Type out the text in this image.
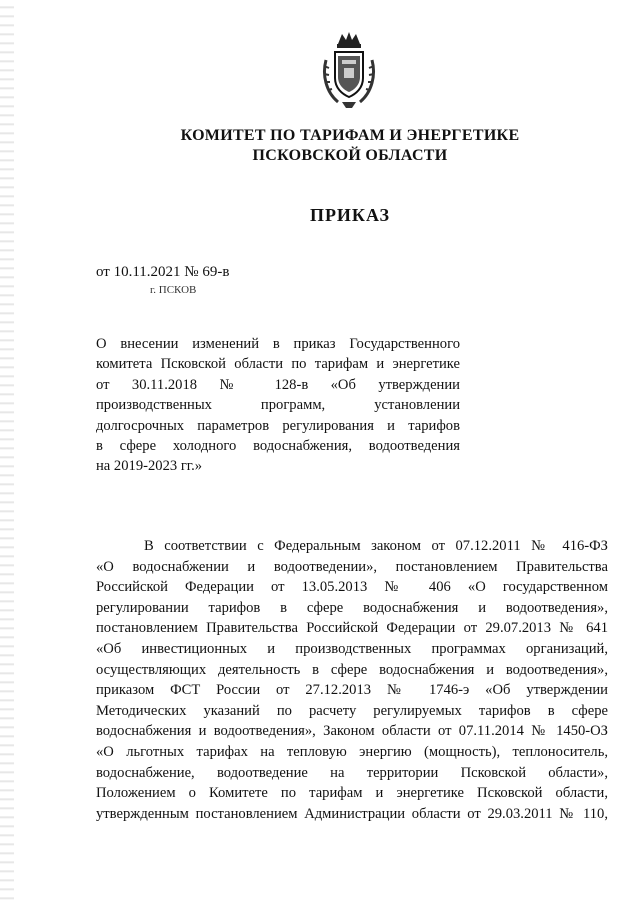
КОМИТЕТ ПО ТАРИФАМ И ЭНЕРГЕТИКЕ
ПСКОВСКОЙ ОБЛАСТИ
ПРИКАЗ
от 10.11.2021 № 69-в
г. ПСКОВ
О внесении изменений в приказ Государственного
комитета Псковской области по тарифам и энергетике
от 30.11.2018 № 128-в «Об утверждении
производственных программ, установлении
долгосрочных параметров регулирования и тарифов
в сфере холодного водоснабжения, водоотведения
на 2019-2023 гг.»
В соответствии с Федеральным законом от 07.12.2011 № 416-ФЗ
«О водоснабжении и водоотведении», постановлением Правительства
Российской Федерации от 13.05.2013 № 406 «О государственном
регулировании тарифов в сфере водоснабжения и водоотведения»,
постановлением Правительства Российской Федерации от 29.07.2013 № 641
«Об инвестиционных и производственных программах организаций,
осуществляющих деятельность в сфере водоснабжения и водоотведения»,
приказом ФСТ России от 27.12.2013 № 1746-э «Об утверждении
Методических указаний по расчету регулируемых тарифов в сфере
водоснабжения и водоотведения», Законом области от 07.11.2014 № 1450-ОЗ
«О льготных тарифах на тепловую энергию (мощность), теплоноситель,
водоснабжение, водоотведение на территории Псковской области»,
Положением о Комитете по тарифам и энергетике Псковской области,
утвержденным постановлением Администрации области от 29.03.2011 № 110,
